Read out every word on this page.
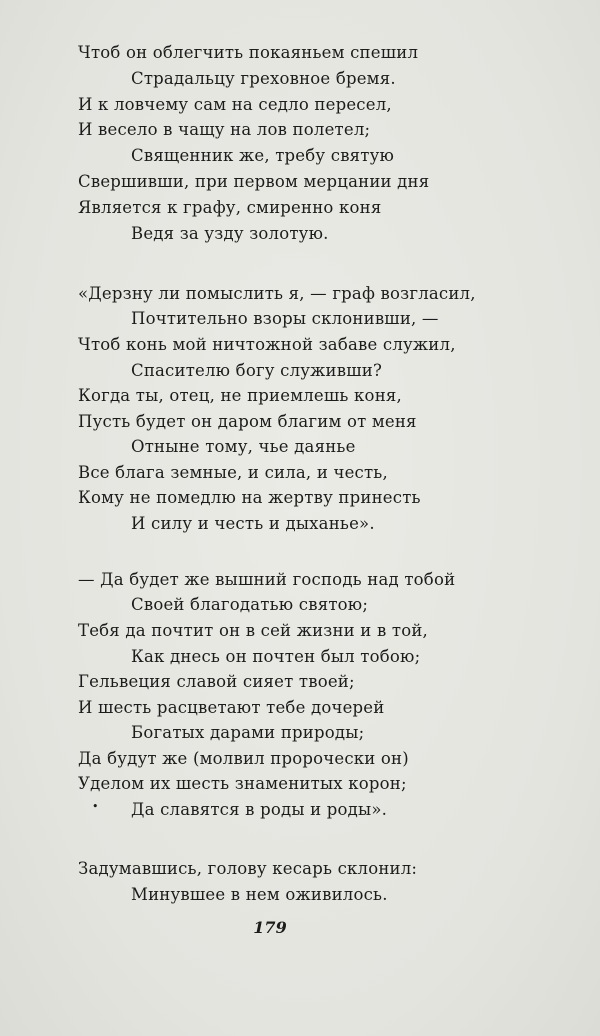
Чтоб он облегчить покаяньем спешил
Страдальцу греховное бремя.
И к ловчему сам на седло пересел,
И весело в чащу на лов полетел;
Священник же, требу святую
Свершивши, при первом мерцании дня
Является к графу, смиренно коня
Ведя за узду золотую.
«Дерзну ли помыслить я, — граф возгласил,
Почтительно взоры склонивши, —
Чтоб конь мой ничтожной забаве служил,
Спасителю богу служивши?
Когда ты, отец, не приемлешь коня,
Пусть будет он даром благим от меня
Отныне тому, чье даянье
Все блага земные, и сила, и честь,
Кому не помедлю на жертву принесть
И силу и честь и дыханье».
— Да будет же вышний господь над тобой
Своей благодатью святою;
Тебя да почтит он в сей жизни и в той,
Как днесь он почтен был тобою;
Гельвеция славой сияет твоей;
И шесть расцветают тебе дочерей
Богатых дарами природы;
Да будут же (молвил пророчески он)
Уделом их шесть знаменитых корон;
• Да славятся в роды и роды».
Задумавшись, голову кесарь склонил:
Минувшее в нем оживилось.
179
